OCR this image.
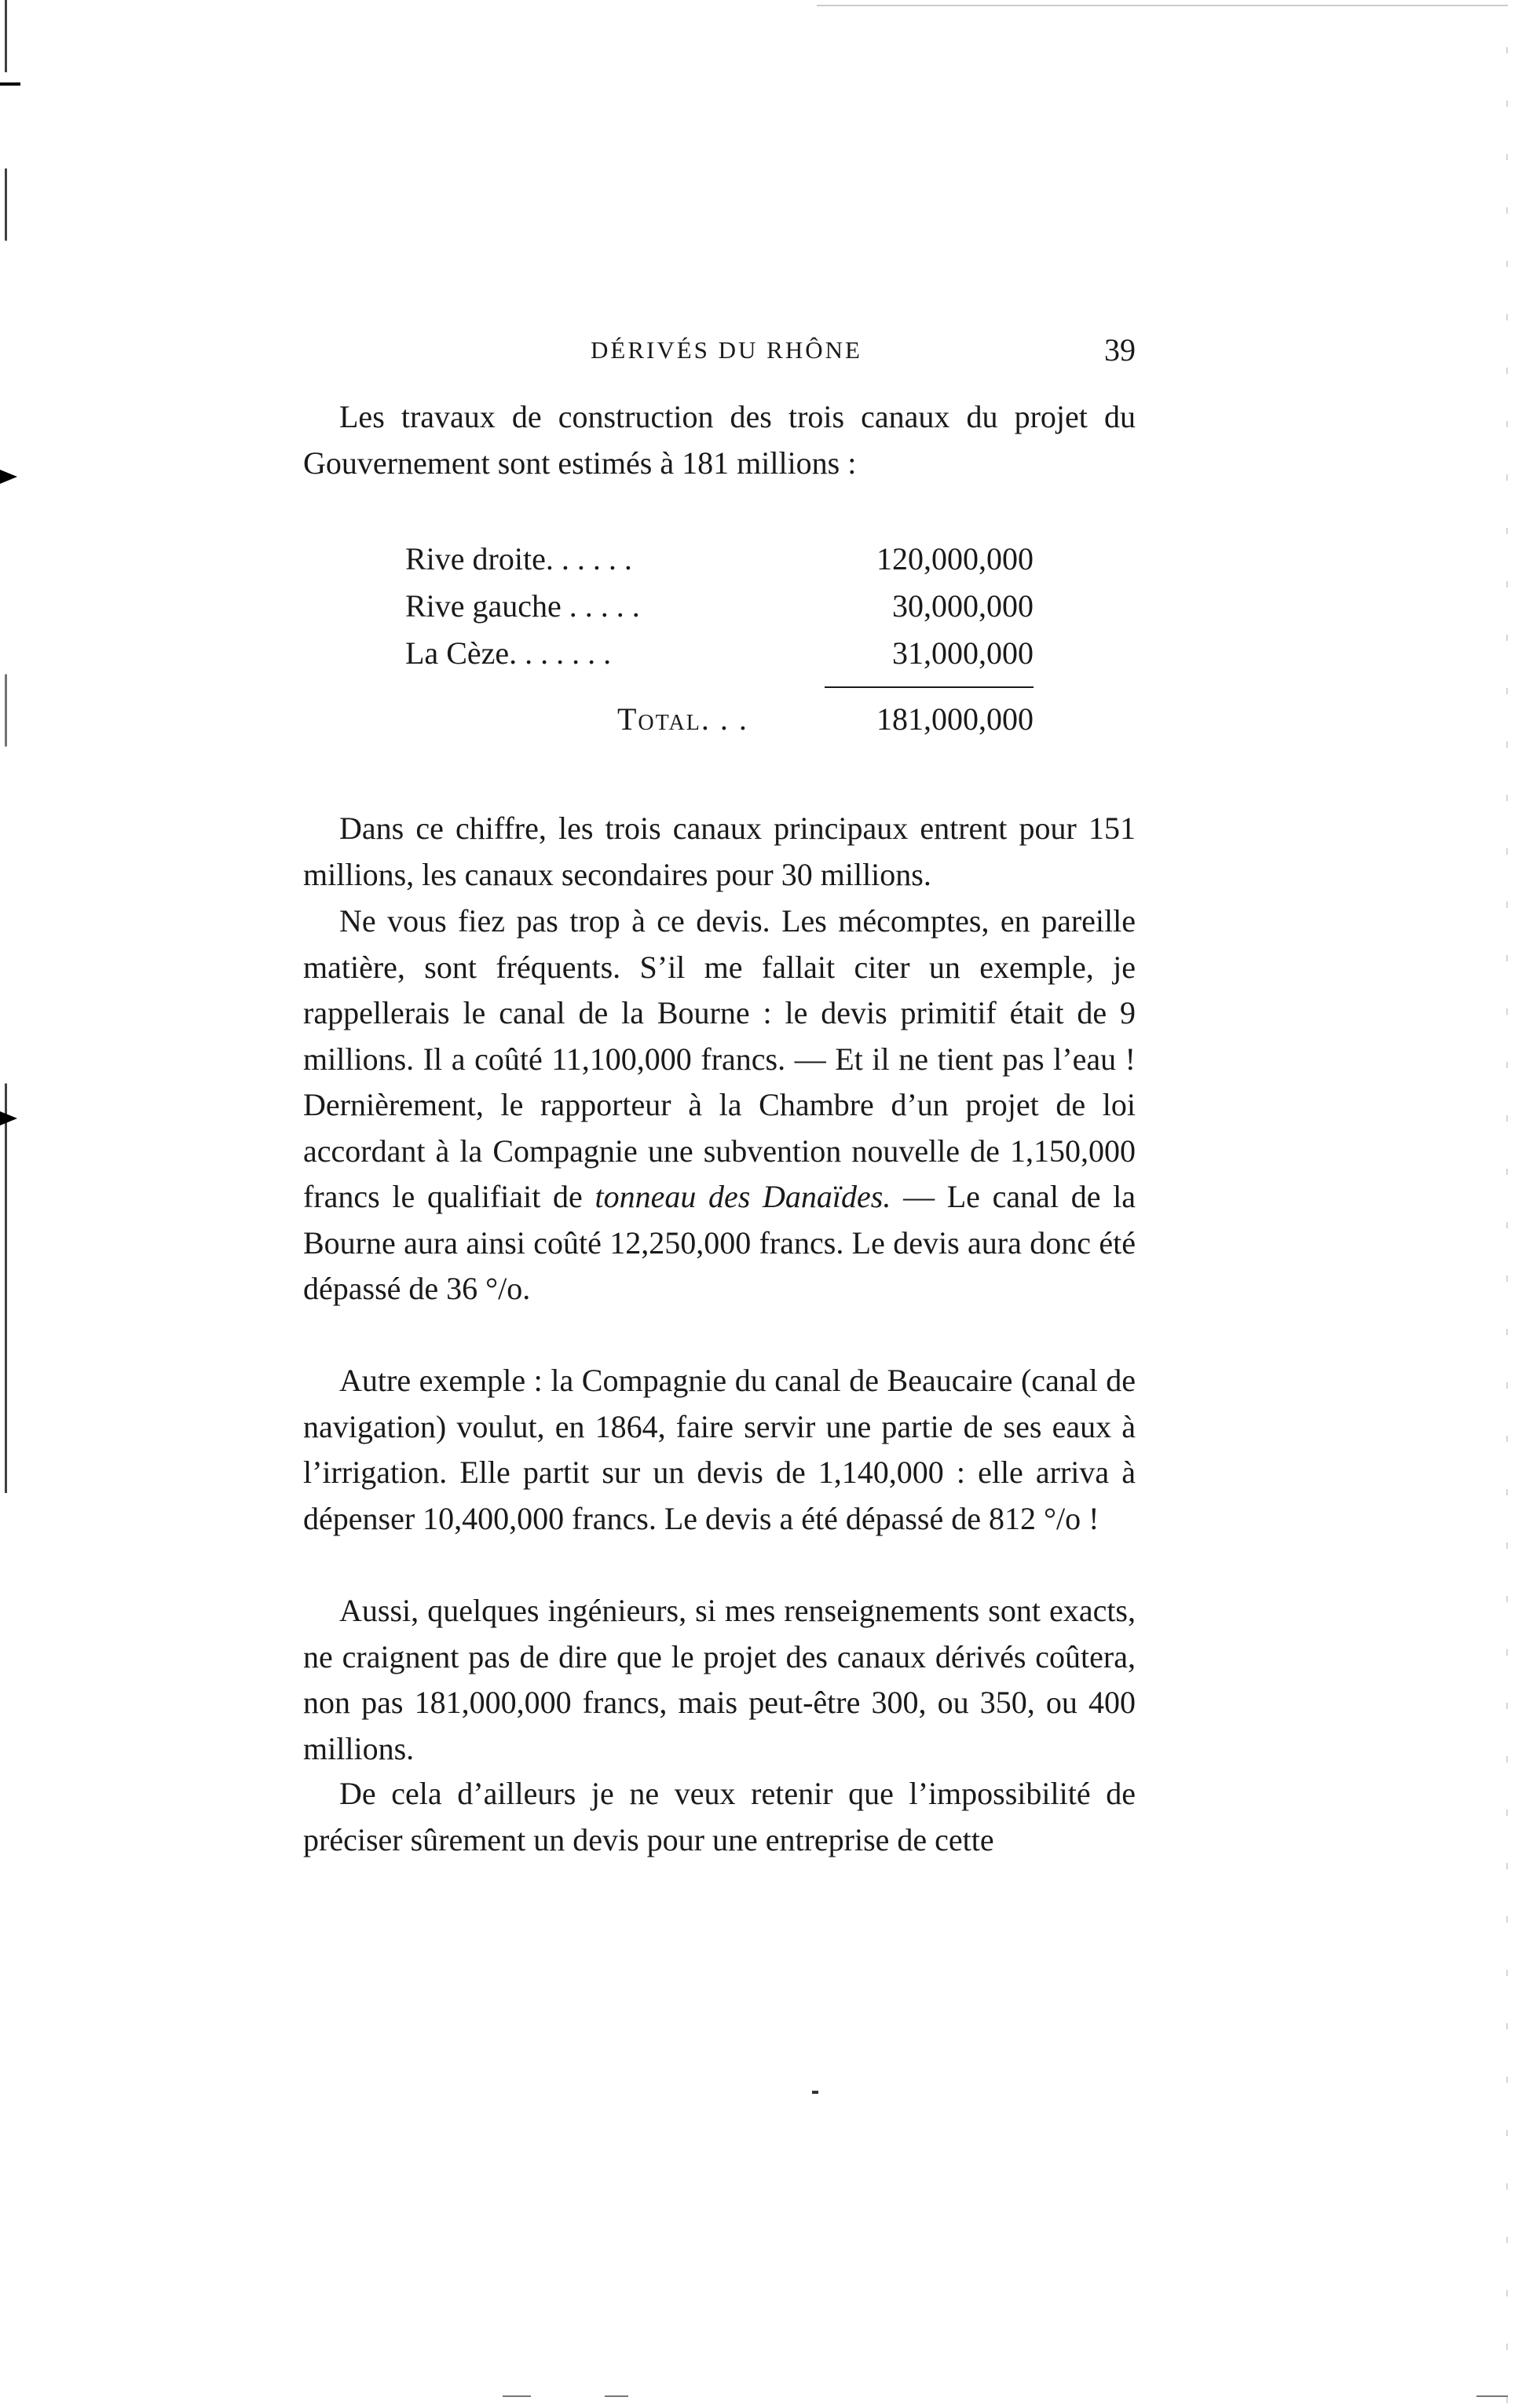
DÉRIVÉS DU RHÔNE	39

Les travaux de construction des trois canaux du projet du Gouvernement sont estimés à 181 millions :

Rive droite. . . . . .	120,000,000
Rive gauche . . . . .	30,000,000
La Cèze. . . . . . .	31,000,000
Total. . .	181,000,000

Dans ce chiffre, les trois canaux principaux entrent pour 151 millions, les canaux secondaires pour 30 millions.

Ne vous fiez pas trop à ce devis. Les mécomptes, en pareille matière, sont fréquents. S’il me fallait citer un exemple, je rappellerais le canal de la Bourne : le devis primitif était de 9 millions. Il a coûté 11,100,000 francs. — Et il ne tient pas l’eau ! Dernièrement, le rapporteur à la Chambre d’un projet de loi accordant à la Compagnie une subvention nouvelle de 1,150,000 francs le qualifiait de tonneau des Danaïdes. — Le canal de la Bourne aura ainsi coûté 12,250,000 francs. Le devis aura donc été dépassé de 36 °/o.

Autre exemple : la Compagnie du canal de Beaucaire (canal de navigation) voulut, en 1864, faire servir une partie de ses eaux à l’irrigation. Elle partit sur un devis de 1,140,000 : elle arriva à dépenser 10,400,000 francs. Le devis a été dépassé de 812 °/o !

Aussi, quelques ingénieurs, si mes renseignements sont exacts, ne craignent pas de dire que le projet des canaux dérivés coûtera, non pas 181,000,000 francs, mais peut-être 300, ou 350, ou 400 millions.

De cela d’ailleurs je ne veux retenir que l’impossibilité de préciser sûrement un devis pour une entreprise de cette
